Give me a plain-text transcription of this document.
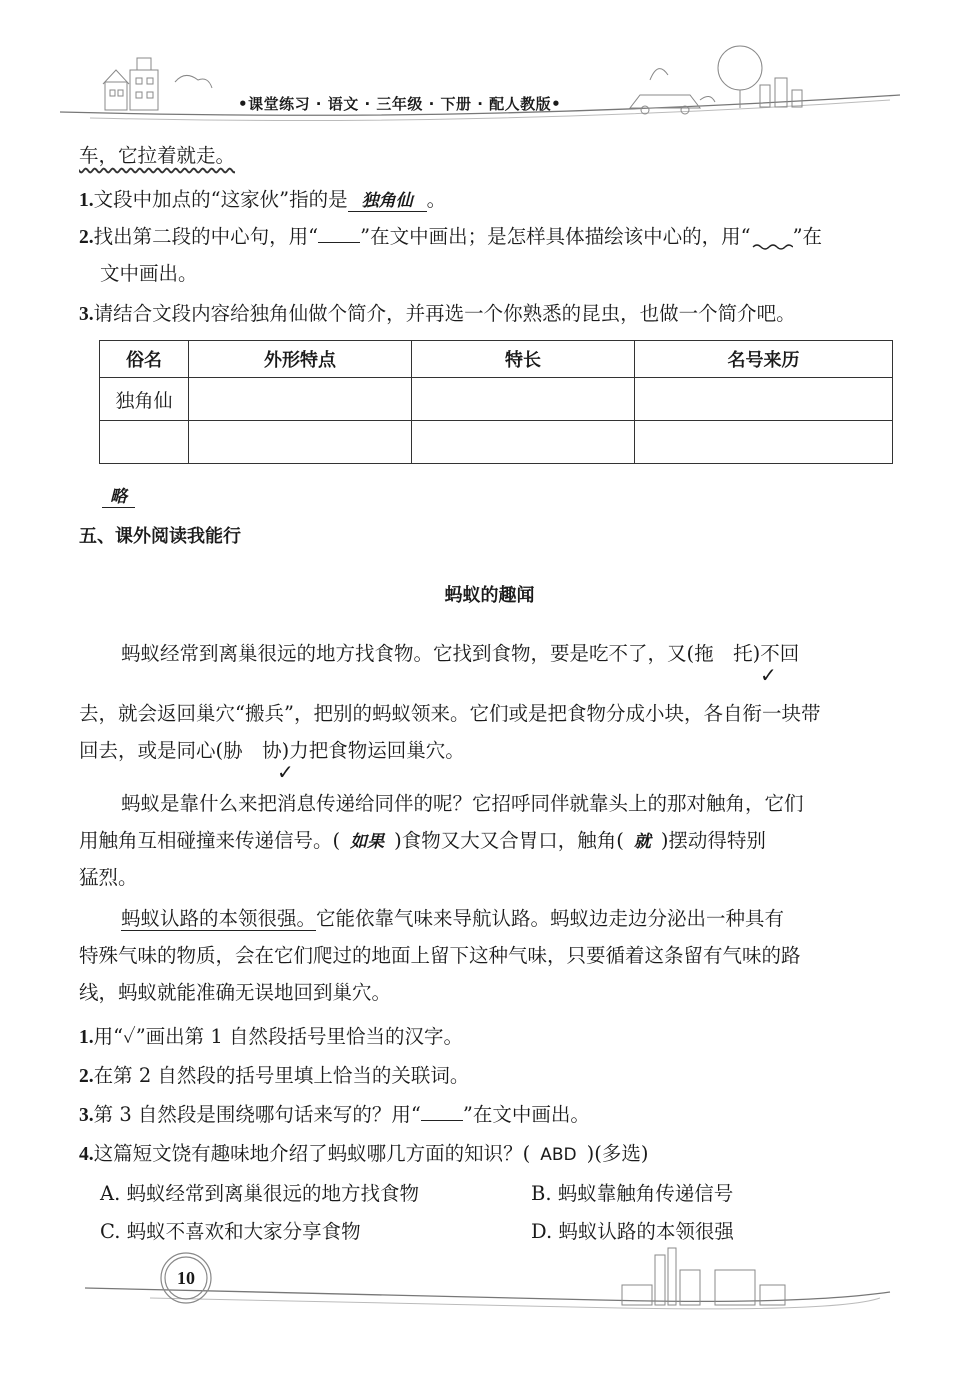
•课堂练习 · 语文 · 三年级 · 下册 · 配人教版•
车，它拉着就走。
1.文段中加点的“这家伙”指的是 独角仙 。
2.找出第二段的中心句，用“ ”在文中画出；是怎样具体描绘该中心的，用“ ”在
文中画出。
3.请结合文段内容给独角仙做个简介，并再选一个你熟悉的昆虫，也做一个简介吧。
俗名	外形特点	特长	名号来历
独角仙			

略
五、课外阅读我能行
蚂蚁的趣闻
蚂蚁经常到离巢很远的地方找食物。它找到食物，要是吃不了，又(拖　托)不回
✓
去，就会返回巢穴“搬兵”，把别的蚂蚁领来。它们或是把食物分成小块，各自衔一块带
回去，或是同心(胁　协)力把食物运回巢穴。
✓
蚂蚁是靠什么来把消息传递给同伴的呢？它招呼同伴就靠头上的那对触角，它们
用触角互相碰撞来传递信号。( 如果 )食物又大又合胃口，触角( 就 )摆动得特别
猛烈。
蚂蚁认路的本领很强。它能依靠气味来导航认路。蚂蚁边走边分泌出一种具有
特殊气味的物质，会在它们爬过的地面上留下这种气味，只要循着这条留有气味的路
线，蚂蚁就能准确无误地回到巢穴。
1.用“✓”画出第 1 自然段括号里恰当的汉字。
2.在第 2 自然段的括号里填上恰当的关联词。
3.第 3 自然段是围绕哪句话来写的？用“ ”在文中画出。
4.这篇短文饶有趣味地介绍了蚂蚁哪几方面的知识？( ABD )(多选)
A. 蚂蚁经常到离巢很远的地方找食物	B. 蚂蚁靠触角传递信号
C. 蚂蚁不喜欢和大家分享食物	D. 蚂蚁认路的本领很强
10
